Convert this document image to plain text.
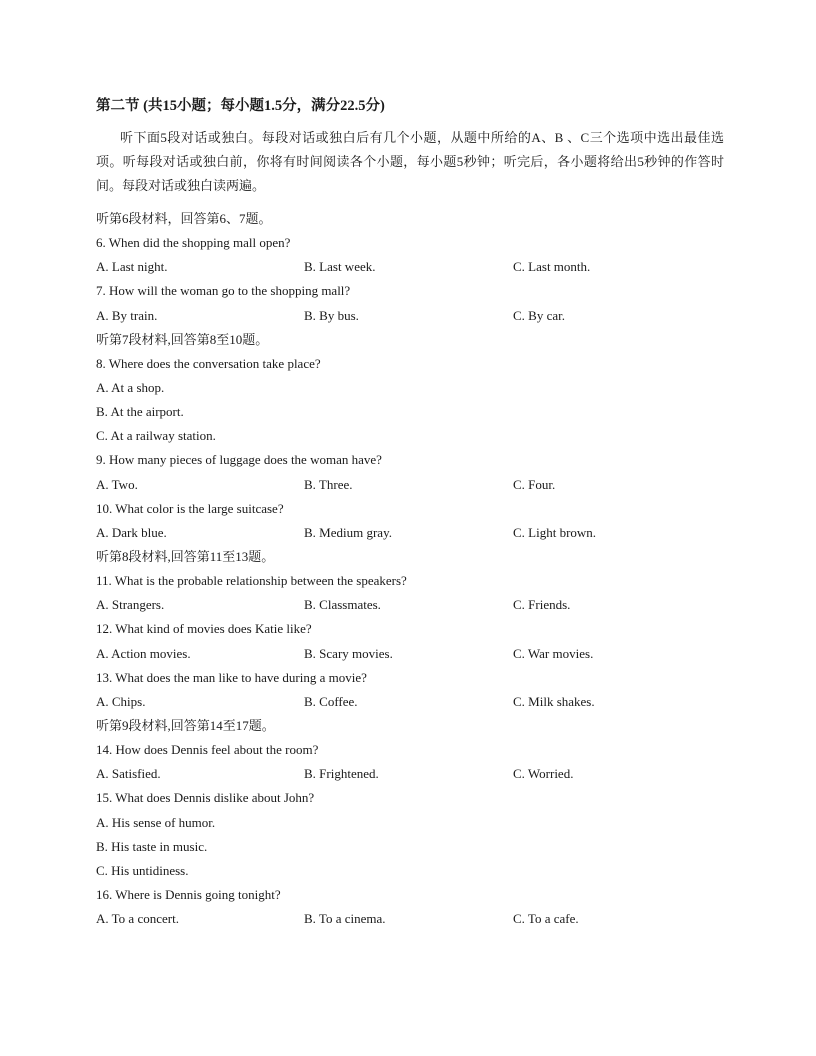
第二节 (共15小题；每小题1.5分，满分22.5分)
听下面5段对话或独白。每段对话或独白后有几个小题，从题中所给的A、B 、C三个选项中选出最佳选项。听每段对话或独白前，你将有时间阅读各个小题，每小题5秒钟；听完后，各小题将给出5秒钟的作答时间。每段对话或独白读两遍。
听第6段材料，回答第6、7题。
6. When did the shopping mall open?
A. Last night.	B. Last week.	C. Last month.
7. How will the woman go to the shopping mall?
A. By train.	B. By bus.	C. By car.
听第7段材料,回答第8至10题。
8. Where does the conversation take place?
A. At a shop.
B. At the airport.
C. At a railway station.
9. How many pieces of luggage does the woman have?
A. Two.	B. Three.	C. Four.
10. What color is the large suitcase?
A. Dark blue.	B. Medium gray.	C. Light brown.
听第8段材料,回答第11至13题。
11. What is the probable relationship between the speakers?
A. Strangers.	B. Classmates.	C. Friends.
12. What kind of movies does Katie like?
A. Action movies.	B. Scary movies.	C. War movies.
13. What does the man like to have during a movie?
A. Chips.	B. Coffee.	C. Milk shakes.
听第9段材料,回答第14至17题。
14. How does Dennis feel about the room?
A. Satisfied.	B. Frightened.	C. Worried.
15. What does Dennis dislike about John?
A. His sense of humor.
B. His taste in music.
C. His untidiness.
16. Where is Dennis going tonight?
A. To a concert.	B. To a cinema.	C. To a cafe.
